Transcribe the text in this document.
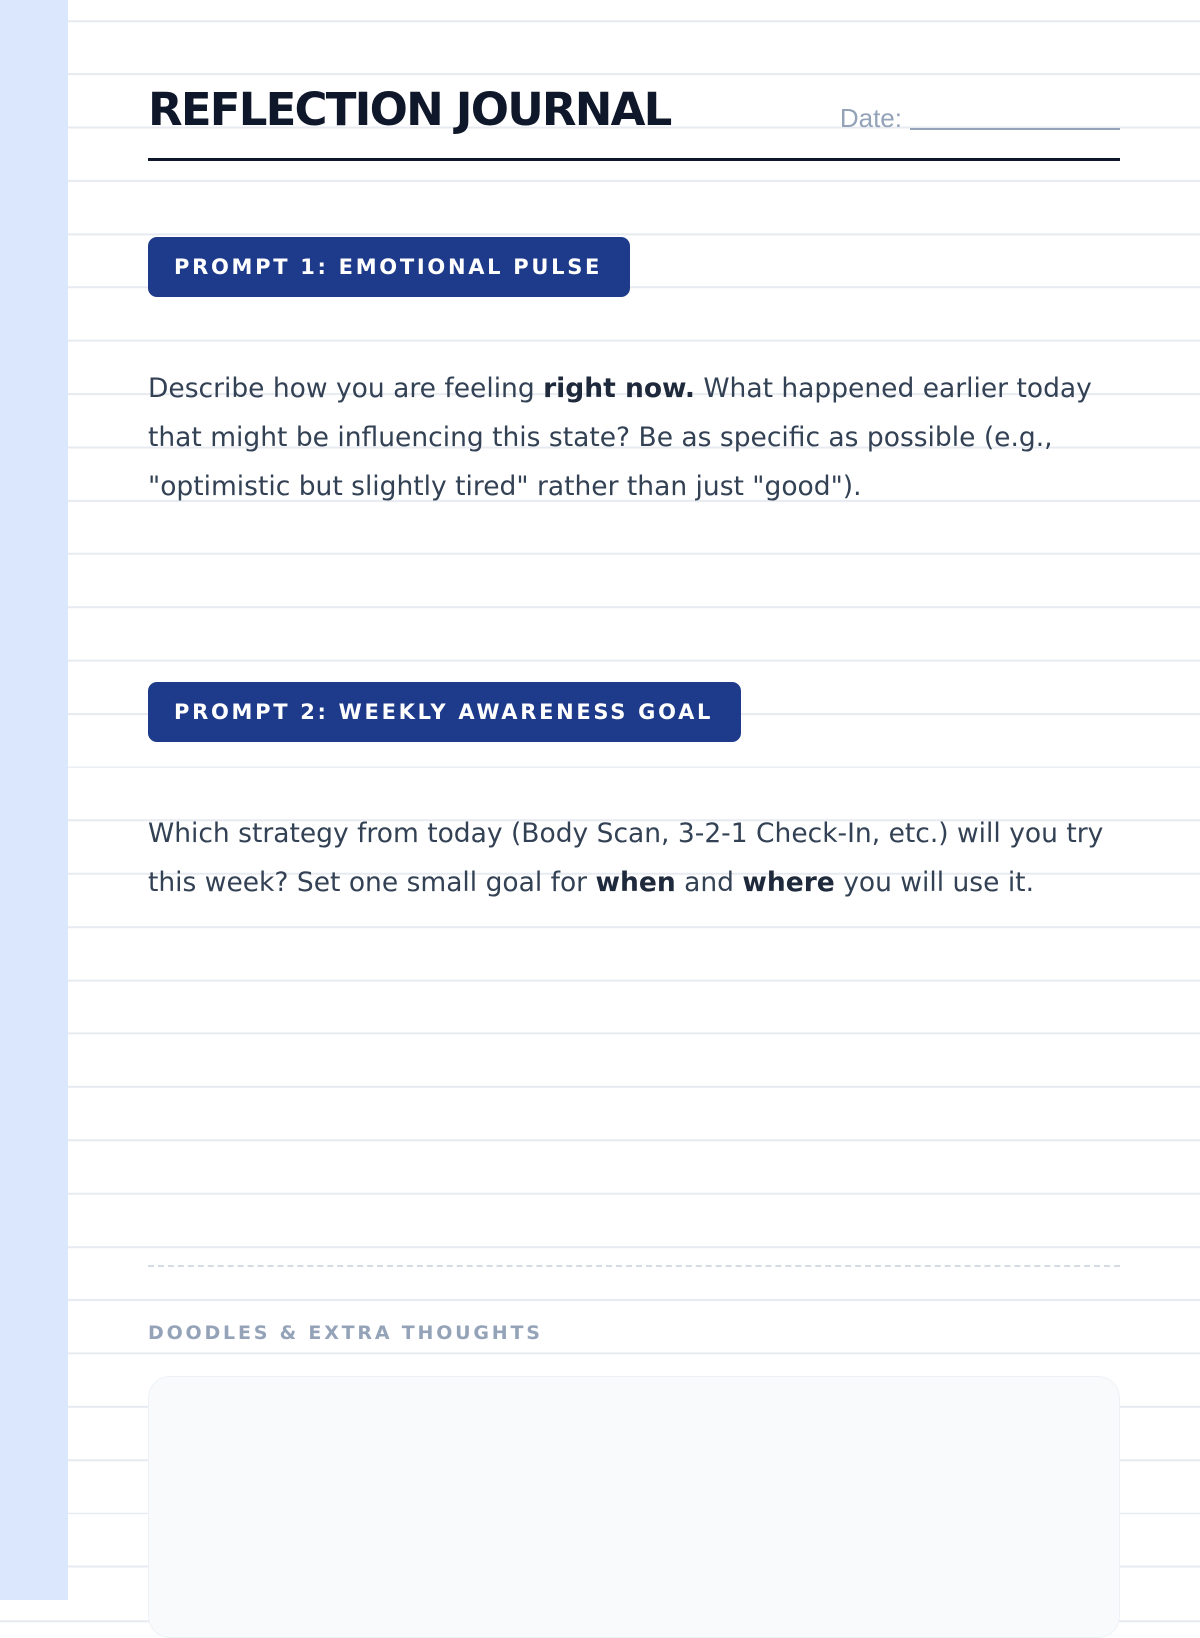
REFLECTION JOURNAL	Date:
PROMPT 1: EMOTIONAL PULSE

Describe how you are feeling right now. What happened earlier today that might be influencing this state? Be as specific as possible (e.g., "optimistic but slightly tired" rather than just "good").

PROMPT 2: WEEKLY AWARENESS GOAL

Which strategy from today (Body Scan, 3-2-1 Check-In, etc.) will you try this week? Set one small goal for when and where you will use it.

DOODLES & EXTRA THOUGHTS
